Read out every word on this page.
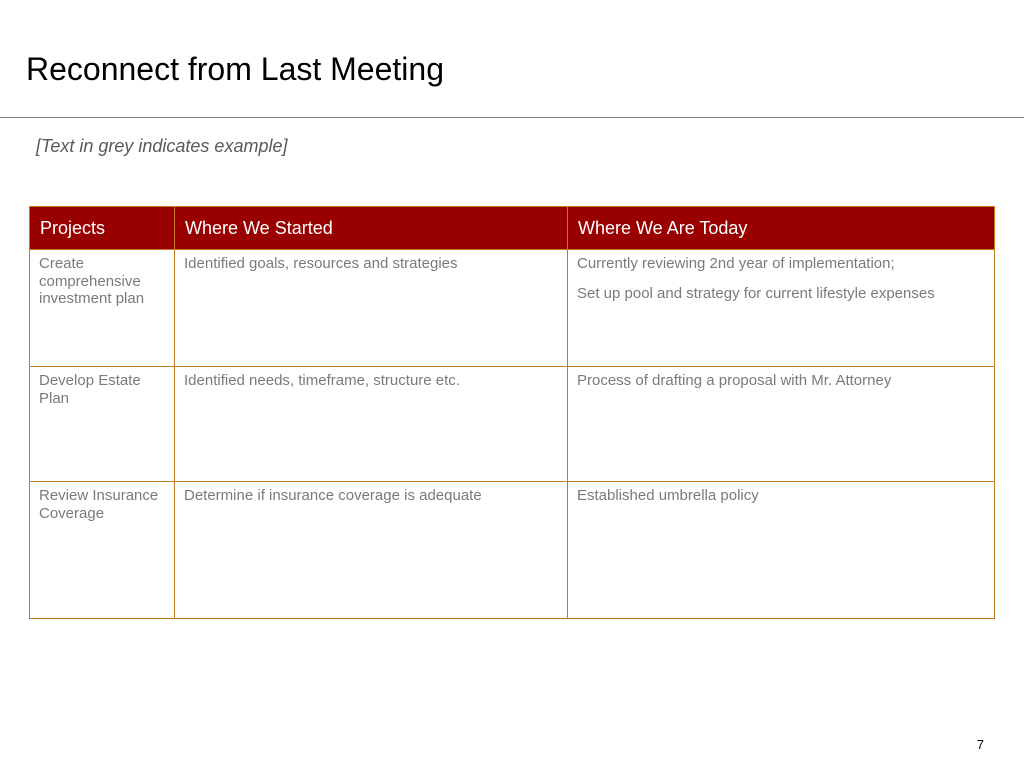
Reconnect from Last Meeting
[Text in grey indicates example]
Projects	Where We Started	Where We Are Today
Create comprehensive investment plan	Identified goals, resources and strategies	Currently reviewing 2nd year of implementation;

Set up pool and strategy for current lifestyle expenses

Develop Estate Plan	Identified needs, timeframe, structure etc.	Process of drafting a proposal with Mr. Attorney

Review Insurance Coverage	Determine if insurance coverage is adequate	Established umbrella policy

7
